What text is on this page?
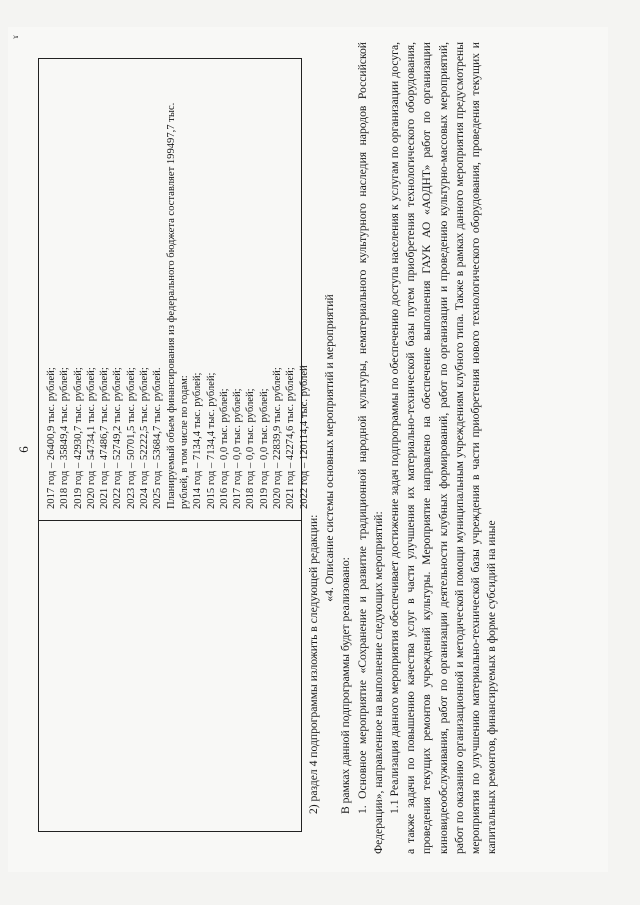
6
ɤ
2017 год – 26400,9 тыс. рублей; 2018 год – 35849,4 тыс. рублей; 2019 год – 42930,7 тыс. рублей; 2020 год – 54734,1 тыс. рублей; 2021 год – 47486,7 тыс. рублей; 2022 год – 52749,2 тыс. рублей; 2023 год – 50701,5 тыс. рублей; 2024 год – 52222,5 тыс. рублей; 2025 год – 53684,7 тыс. рублей. Планируемый объем финансирования из федерального бюджета составляет 199497,7 тыс. рублей, в том числе по годам: 2014 год – 7134,4 тыс. рублей; 2015 год – 7134,4 тыс. рублей; 2016 год – 0,0 тыс. рублей; 2017 год – 0,0 тыс. рублей; 2018 год – 0,0 тыс. рублей; 2019 год – 0,0 тыс. рублей; 2020 год – 22839,9 тыс. рублей; 2021 год – 42274,6 тыс. рублей; 2022 год – 120114,4 тыс. рублей

2) раздел 4 подпрограммы изложить в следующей редакции:

«4. Описание системы основных мероприятий и мероприятий

В рамках данной подпрограммы будет реализовано: 1. Основное мероприятие «Сохранение и развитие традиционной народной культуры, нематериального культурного наследия народов Российской Федерации», направленное на выполнение следующих мероприятий: 1.1 Реализация данного мероприятия обеспечивает достижение задач подпрограммы по обеспечению доступа населения к услугам по организации досуга, а также задачи по повышению качества услуг в части улучшения их материально-технической базы путем приобретения технологического оборудования, проведения текущих ремонтов учреждений культуры. Мероприятие направлено на обеспечение выполнения ГАУК АО «АОДНТ» работ по организации киновидеообслуживания, работ по организации деятельности клубных формирований, работ по организации и проведению культурно-массовых мероприятий, работ по оказанию организационной и методической помощи муниципальным учреждениям клубного типа. Также в рамках данного мероприятия предусмотрены мероприятия по улучшению материально-технической базы учреждения в части приобретения нового технологического оборудования, проведения текущих и капитальных ремонтов, финансируемых в форме субсидий на иные
